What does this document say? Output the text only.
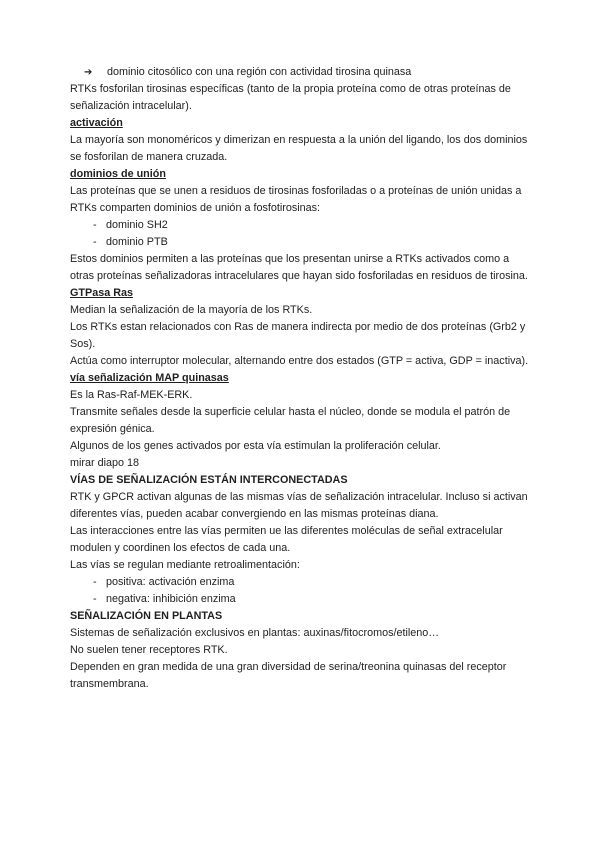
➔ dominio citosólico con una región con actividad tirosina quinasa
RTKs fosforilan tirosinas específicas (tanto de la propia proteína como de otras proteínas de señalización intracelular).
activación
La mayoría son monoméricos y dimerizan en respuesta a la unión del ligando, los dos dominios se fosforilan de manera cruzada.
dominios de unión
Las proteínas que se unen a residuos de tirosinas fosforiladas o a proteínas de unión unidas a RTKs comparten dominios de unión a fosfotirosinas:
- dominio SH2
- dominio PTB
Estos dominios permiten a las proteínas que los presentan unirse a RTKs activados como a otras proteínas señalizadoras intracelulares que hayan sido fosforiladas en residuos de tirosina.
GTPasa Ras
Median la señalización de la mayoría de los RTKs.
Los RTKs estan relacionados con Ras de manera indirecta por medio de dos proteínas (Grb2 y Sos).
Actúa como interruptor molecular, alternando entre dos estados (GTP = activa, GDP = inactiva).
vía señalización MAP quinasas
Es la Ras-Raf-MEK-ERK.
Transmite señales desde la superficie celular hasta el núcleo, donde se modula el patrón de expresión génica.
Algunos de los genes activados por esta vía estimulan la proliferación celular.
mirar diapo 18
VÍAS DE SEÑALIZACIÓN ESTÁN INTERCONECTADAS
RTK y GPCR activan algunas de las mismas vías de señalización intracelular. Incluso si activan diferentes vías, pueden acabar convergiendo en las mismas proteínas diana.
Las interacciones entre las vías permiten ue las diferentes moléculas de señal extracelular modulen y coordinen los efectos de cada una.
Las vías se regulan mediante retroalimentación:
- positiva: activación enzima
- negativa: inhibición enzima
SEÑALIZACIÓN EN PLANTAS
Sistemas de señalización exclusivos en plantas: auxinas/fitocromos/etileno…
No suelen tener receptores RTK.
Dependen en gran medida de una gran diversidad de serina/treonina quinasas del receptor transmembrana.
